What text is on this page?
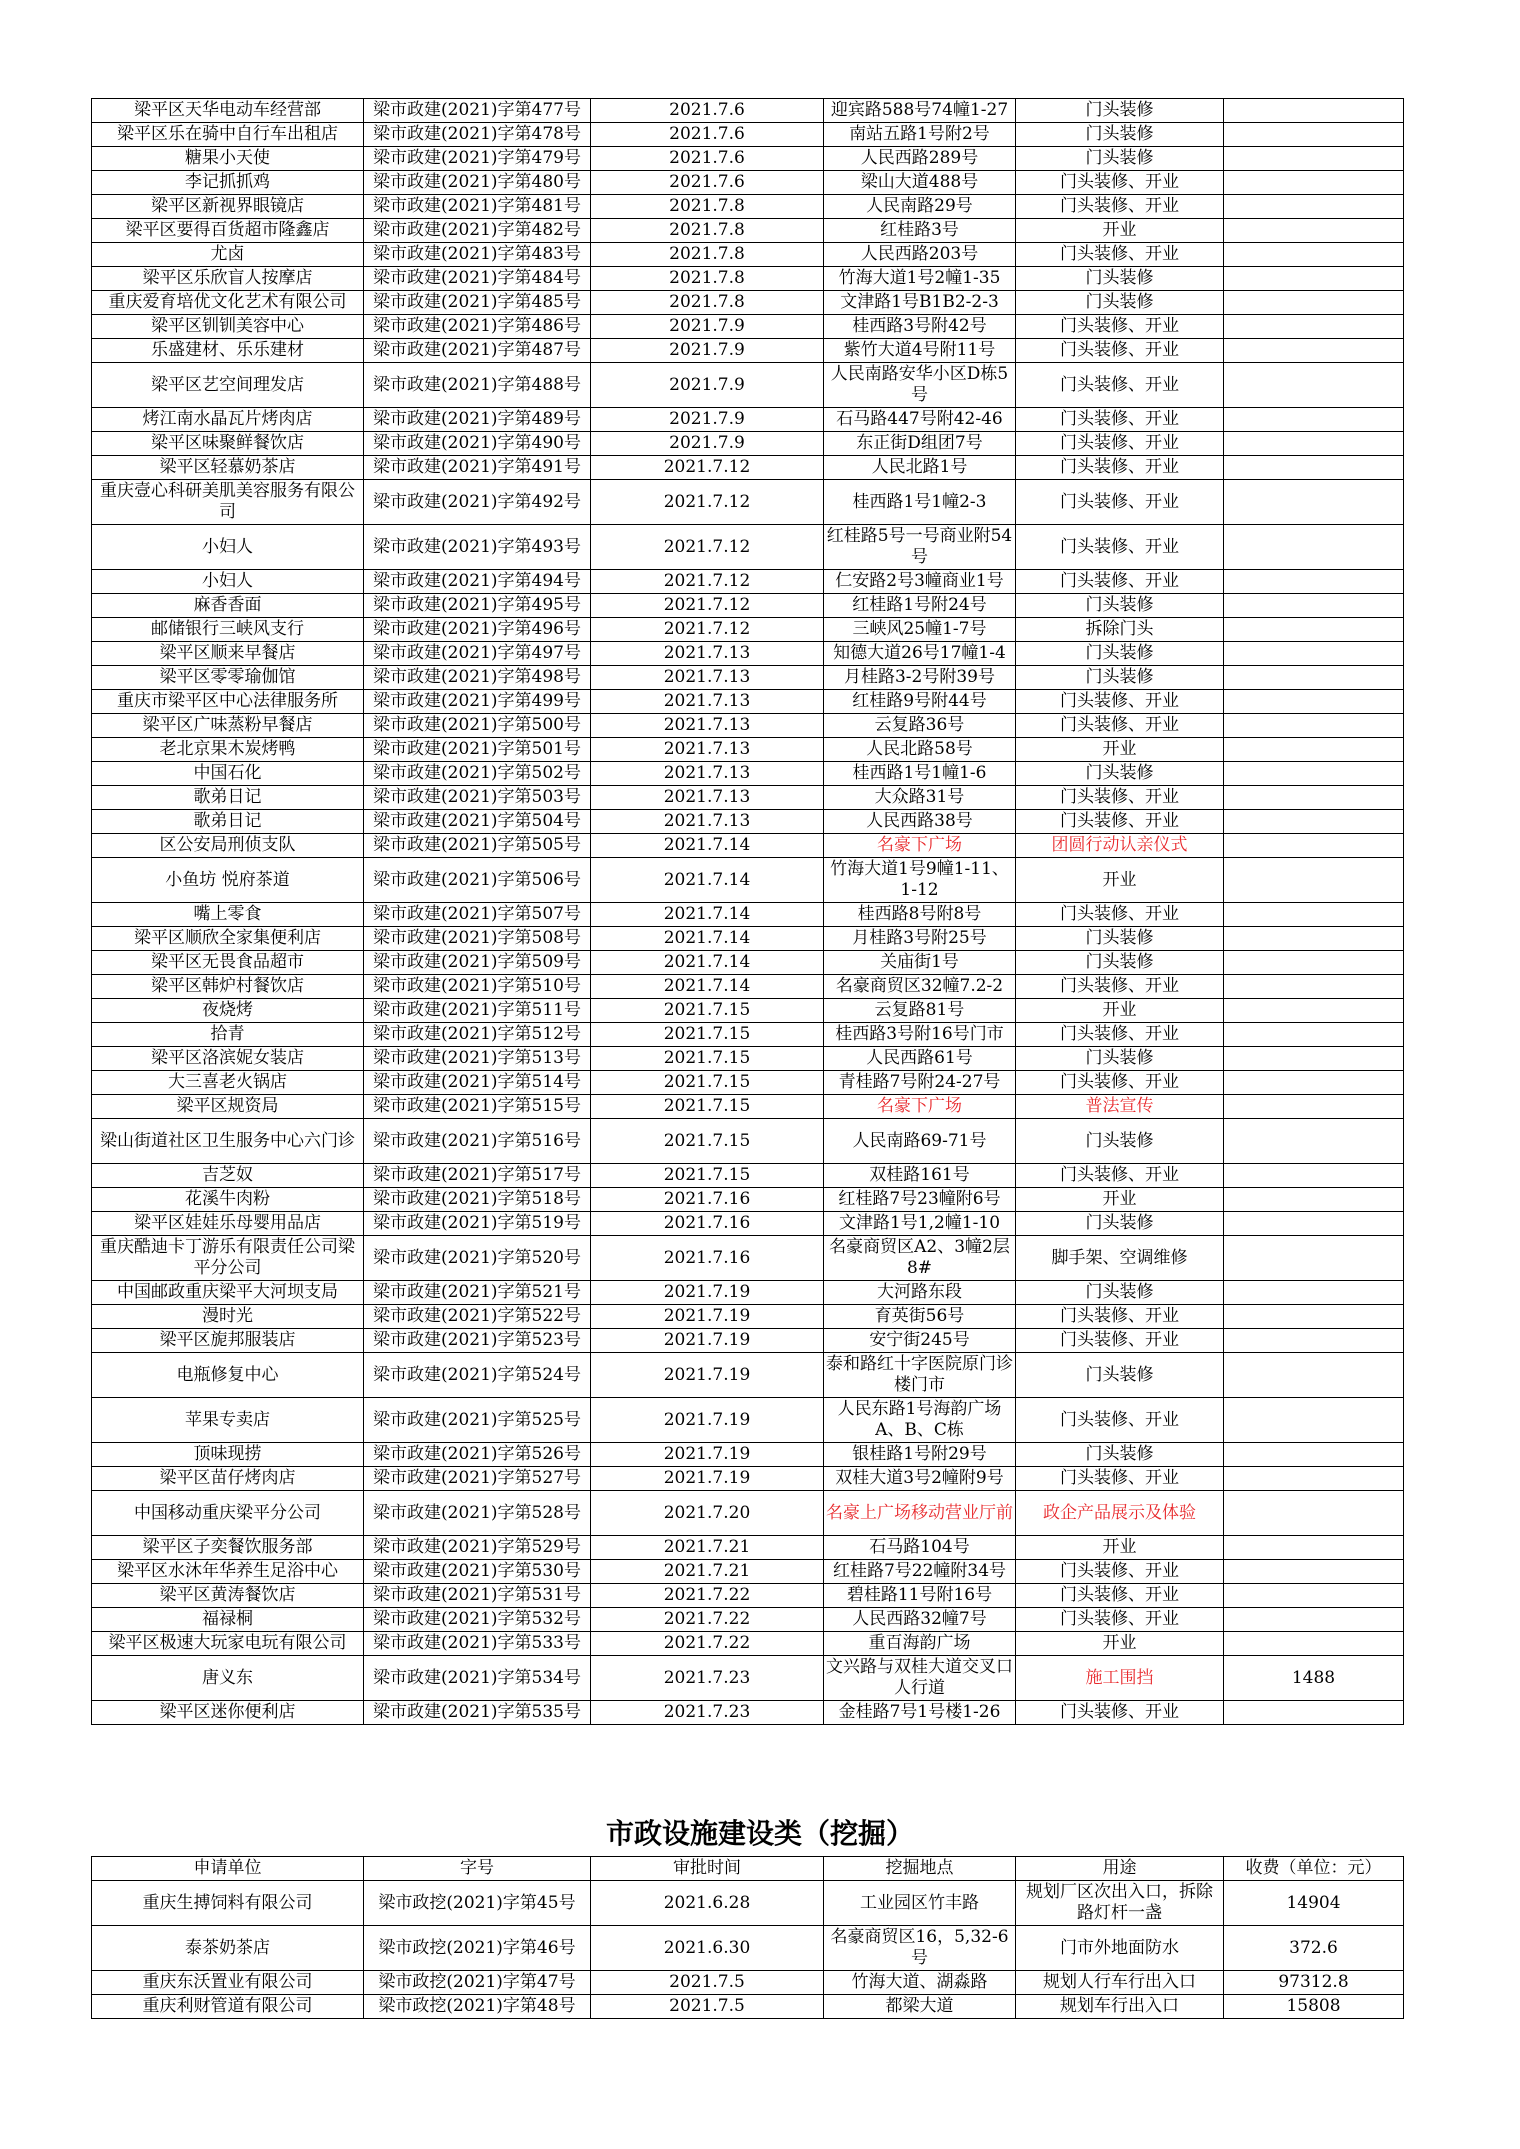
梁平区天华电动车经营部	梁市政建(2021)字第477号	2021.7.6	迎宾路588号74幢1-27	门头装修	
梁平区乐在骑中自行车出租店	梁市政建(2021)字第478号	2021.7.6	南站五路1号附2号	门头装修	
糖果小天使	梁市政建(2021)字第479号	2021.7.6	人民西路289号	门头装修	
李记抓抓鸡	梁市政建(2021)字第480号	2021.7.6	梁山大道488号	门头装修、开业	
梁平区新视界眼镜店	梁市政建(2021)字第481号	2021.7.8	人民南路29号	门头装修、开业	
梁平区要得百货超市隆鑫店	梁市政建(2021)字第482号	2021.7.8	红桂路3号	开业	
尤卤	梁市政建(2021)字第483号	2021.7.8	人民西路203号	门头装修、开业	
梁平区乐欣盲人按摩店	梁市政建(2021)字第484号	2021.7.8	竹海大道1号2幢1-35	门头装修	
重庆爱育培优文化艺术有限公司	梁市政建(2021)字第485号	2021.7.8	文津路1号B1B2-2-3	门头装修	
梁平区钏钏美容中心	梁市政建(2021)字第486号	2021.7.9	桂西路3号附42号	门头装修、开业	
乐盛建材、乐乐建材	梁市政建(2021)字第487号	2021.7.9	紫竹大道4号附11号	门头装修、开业	
梁平区艺空间理发店	梁市政建(2021)字第488号	2021.7.9	人民南路安华小区D栋5号	门头装修、开业	
烤江南水晶瓦片烤肉店	梁市政建(2021)字第489号	2021.7.9	石马路447号附42-46	门头装修、开业	
梁平区味聚鲜餐饮店	梁市政建(2021)字第490号	2021.7.9	东正街D组团7号	门头装修、开业	
梁平区轻慕奶茶店	梁市政建(2021)字第491号	2021.7.12	人民北路1号	门头装修、开业	
重庆壹心科研美肌美容服务有限公司	梁市政建(2021)字第492号	2021.7.12	桂西路1号1幢2-3	门头装修、开业	
小妇人	梁市政建(2021)字第493号	2021.7.12	红桂路5号一号商业附54号	门头装修、开业	
小妇人	梁市政建(2021)字第494号	2021.7.12	仁安路2号3幢商业1号	门头装修、开业	
麻香香面	梁市政建(2021)字第495号	2021.7.12	红桂路1号附24号	门头装修	
邮储银行三峡风支行	梁市政建(2021)字第496号	2021.7.12	三峡风25幢1-7号	拆除门头	
梁平区顺来早餐店	梁市政建(2021)字第497号	2021.7.13	知德大道26号17幢1-4	门头装修	
梁平区零零瑜伽馆	梁市政建(2021)字第498号	2021.7.13	月桂路3-2号附39号	门头装修	
重庆市梁平区中心法律服务所	梁市政建(2021)字第499号	2021.7.13	红桂路9号附44号	门头装修、开业	
梁平区广味蒸粉早餐店	梁市政建(2021)字第500号	2021.7.13	云复路36号	门头装修、开业	
老北京果木炭烤鸭	梁市政建(2021)字第501号	2021.7.13	人民北路58号	开业	
中国石化	梁市政建(2021)字第502号	2021.7.13	桂西路1号1幢1-6	门头装修	
歌弟日记	梁市政建(2021)字第503号	2021.7.13	大众路31号	门头装修、开业	
歌弟日记	梁市政建(2021)字第504号	2021.7.13	人民西路38号	门头装修、开业	
区公安局刑侦支队	梁市政建(2021)字第505号	2021.7.14	名豪下广场	团圆行动认亲仪式	
小鱼坊 悦府茶道	梁市政建(2021)字第506号	2021.7.14	竹海大道1号9幢1-11、1-12	开业	
嘴上零食	梁市政建(2021)字第507号	2021.7.14	桂西路8号附8号	门头装修、开业	
梁平区顺欣全家集便利店	梁市政建(2021)字第508号	2021.7.14	月桂路3号附25号	门头装修	
梁平区无畏食品超市	梁市政建(2021)字第509号	2021.7.14	关庙街1号	门头装修	
梁平区韩炉村餐饮店	梁市政建(2021)字第510号	2021.7.14	名豪商贸区32幢7.2-2	门头装修、开业	
夜烧烤	梁市政建(2021)字第511号	2021.7.15	云复路81号	开业	
拾青	梁市政建(2021)字第512号	2021.7.15	桂西路3号附16号门市	门头装修、开业	
梁平区洛滨妮女装店	梁市政建(2021)字第513号	2021.7.15	人民西路61号	门头装修	
大三喜老火锅店	梁市政建(2021)字第514号	2021.7.15	青桂路7号附24-27号	门头装修、开业	
梁平区规资局	梁市政建(2021)字第515号	2021.7.15	名豪下广场	普法宣传	
梁山街道社区卫生服务中心六门诊	梁市政建(2021)字第516号	2021.7.15	人民南路69-71号	门头装修	
吉芝奴	梁市政建(2021)字第517号	2021.7.15	双桂路161号	门头装修、开业	
花溪牛肉粉	梁市政建(2021)字第518号	2021.7.16	红桂路7号23幢附6号	开业	
梁平区娃娃乐母婴用品店	梁市政建(2021)字第519号	2021.7.16	文津路1号1,2幢1-10	门头装修	
重庆酷迪卡丁游乐有限责任公司梁平分公司	梁市政建(2021)字第520号	2021.7.16	名豪商贸区A2、3幢2层8#	脚手架、空调维修	
中国邮政重庆梁平大河坝支局	梁市政建(2021)字第521号	2021.7.19	大河路东段	门头装修	
漫时光	梁市政建(2021)字第522号	2021.7.19	育英街56号	门头装修、开业	
梁平区旎邦服装店	梁市政建(2021)字第523号	2021.7.19	安宁街245号	门头装修、开业	
电瓶修复中心	梁市政建(2021)字第524号	2021.7.19	泰和路红十字医院原门诊楼门市	门头装修	
苹果专卖店	梁市政建(2021)字第525号	2021.7.19	人民东路1号海韵广场A、B、C栋	门头装修、开业	
顶味现捞	梁市政建(2021)字第526号	2021.7.19	银桂路1号附29号	门头装修	
梁平区苗仔烤肉店	梁市政建(2021)字第527号	2021.7.19	双桂大道3号2幢附9号	门头装修、开业	
中国移动重庆梁平分公司	梁市政建(2021)字第528号	2021.7.20	名豪上广场移动营业厅前	政企产品展示及体验	
梁平区子奕餐饮服务部	梁市政建(2021)字第529号	2021.7.21	石马路104号	开业	
梁平区水沐年华养生足浴中心	梁市政建(2021)字第530号	2021.7.21	红桂路7号22幢附34号	门头装修、开业	
梁平区黄涛餐饮店	梁市政建(2021)字第531号	2021.7.22	碧桂路11号附16号	门头装修、开业	
福禄桐	梁市政建(2021)字第532号	2021.7.22	人民西路32幢7号	门头装修、开业	
梁平区极速大玩家电玩有限公司	梁市政建(2021)字第533号	2021.7.22	重百海韵广场	开业	
唐义东	梁市政建(2021)字第534号	2021.7.23	文兴路与双桂大道交叉口人行道	施工围挡	1488
梁平区迷你便利店	梁市政建(2021)字第535号	2021.7.23	金桂路7号1号楼1-26	门头装修、开业	
市政设施建设类（挖掘）
申请单位	字号	审批时间	挖掘地点	用途	收费（单位：元）
重庆生搏饲料有限公司	梁市政挖(2021)字第45号	2021.6.28	工业园区竹丰路	规划厂区次出入口，拆除路灯杆一盏	14904
泰茶奶茶店	梁市政挖(2021)字第46号	2021.6.30	名豪商贸区16，5,32-6号	门市外地面防水	372.6
重庆东沃置业有限公司	梁市政挖(2021)字第47号	2021.7.5	竹海大道、湖淼路	规划人行车行出入口	97312.8
重庆利财管道有限公司	梁市政挖(2021)字第48号	2021.7.5	都梁大道	规划车行出入口	15808
